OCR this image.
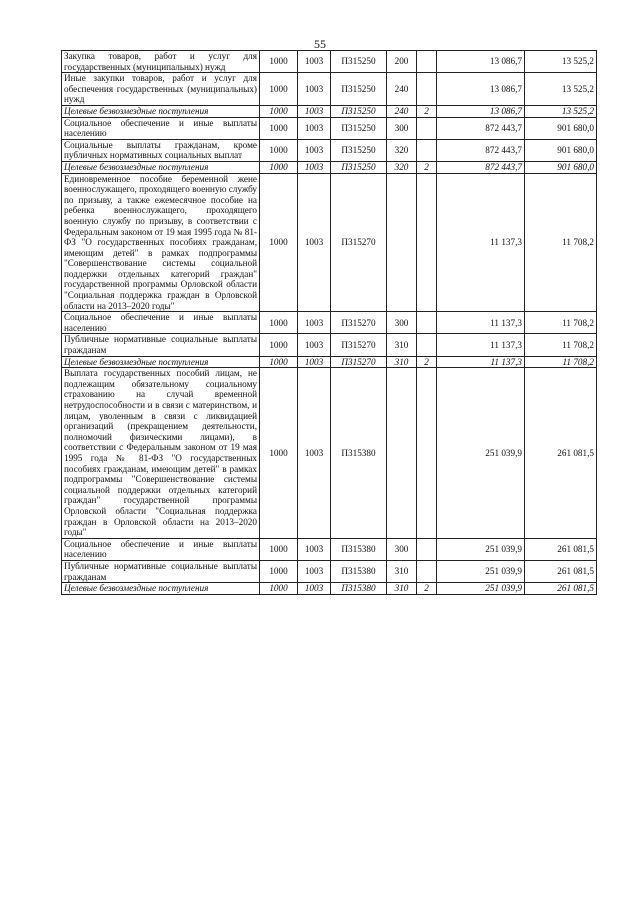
55
Закупка товаров, работ и услуг для государственных (муниципальных) нужд	1000	1003	П315250	200		13 086,7	13 525,2
Иные закупки товаров, работ и услуг для обеспечения государственных (муниципальных) нужд	1000	1003	П315250	240		13 086,7	13 525,2
Целевые безвозмездные поступления	1000	1003	П315250	240	2	13 086,7	13 525,2
Социальное обеспечение и иные выплаты населению	1000	1003	П315250	300		872 443,7	901 680,0
Социальные выплаты гражданам, кроме публичных нормативных социальных выплат	1000	1003	П315250	320		872 443,7	901 680,0
Целевые безвозмездные поступления	1000	1003	П315250	320	2	872 443,7	901 680,0
Единовременное пособие беременной жене военнослужащего, проходящего военную службу по призыву, а также ежемесячное пособие на ребенка военнослужащего, проходящего военную службу по призыву, в соответствии с Федеральным законом от 19 мая 1995 года № 81-ФЗ "О государственных пособиях гражданам, имеющим детей" в рамках подпрограммы "Совершенствование системы социальной поддержки отдельных категорий граждан" государственной программы Орловской области "Социальная поддержка граждан в Орловской области на 2013–2020 годы"	1000	1003	П315270			11 137,3	11 708,2
Социальное обеспечение и иные выплаты населению	1000	1003	П315270	300		11 137,3	11 708,2
Публичные нормативные социальные выплаты гражданам	1000	1003	П315270	310		11 137,3	11 708,2
Целевые безвозмездные поступления	1000	1003	П315270	310	2	11 137,3	11 708,2
Выплата государственных пособий лицам, не подлежащим обязательному социальному страхованию на случай временной нетрудоспособности и в связи с материнством, и лицам, уволенным в связи с ликвидацией организаций (прекращением деятельности, полномочий физическими лицами), в соответствии с Федеральным законом от 19 мая 1995 года № 81-ФЗ "О государственных пособиях гражданам, имеющим детей" в рамках подпрограммы "Совершенствование системы социальной поддержки отдельных категорий граждан" государственной программы Орловской области "Социальная поддержка граждан в Орловской области на 2013–2020 годы"	1000	1003	П315380			251 039,9	261 081,5
Социальное обеспечение и иные выплаты населению	1000	1003	П315380	300		251 039,9	261 081,5
Публичные нормативные социальные выплаты гражданам	1000	1003	П315380	310		251 039,9	261 081,5
Целевые безвозмездные поступления	1000	1003	П315380	310	2	251 039,9	261 081,5
